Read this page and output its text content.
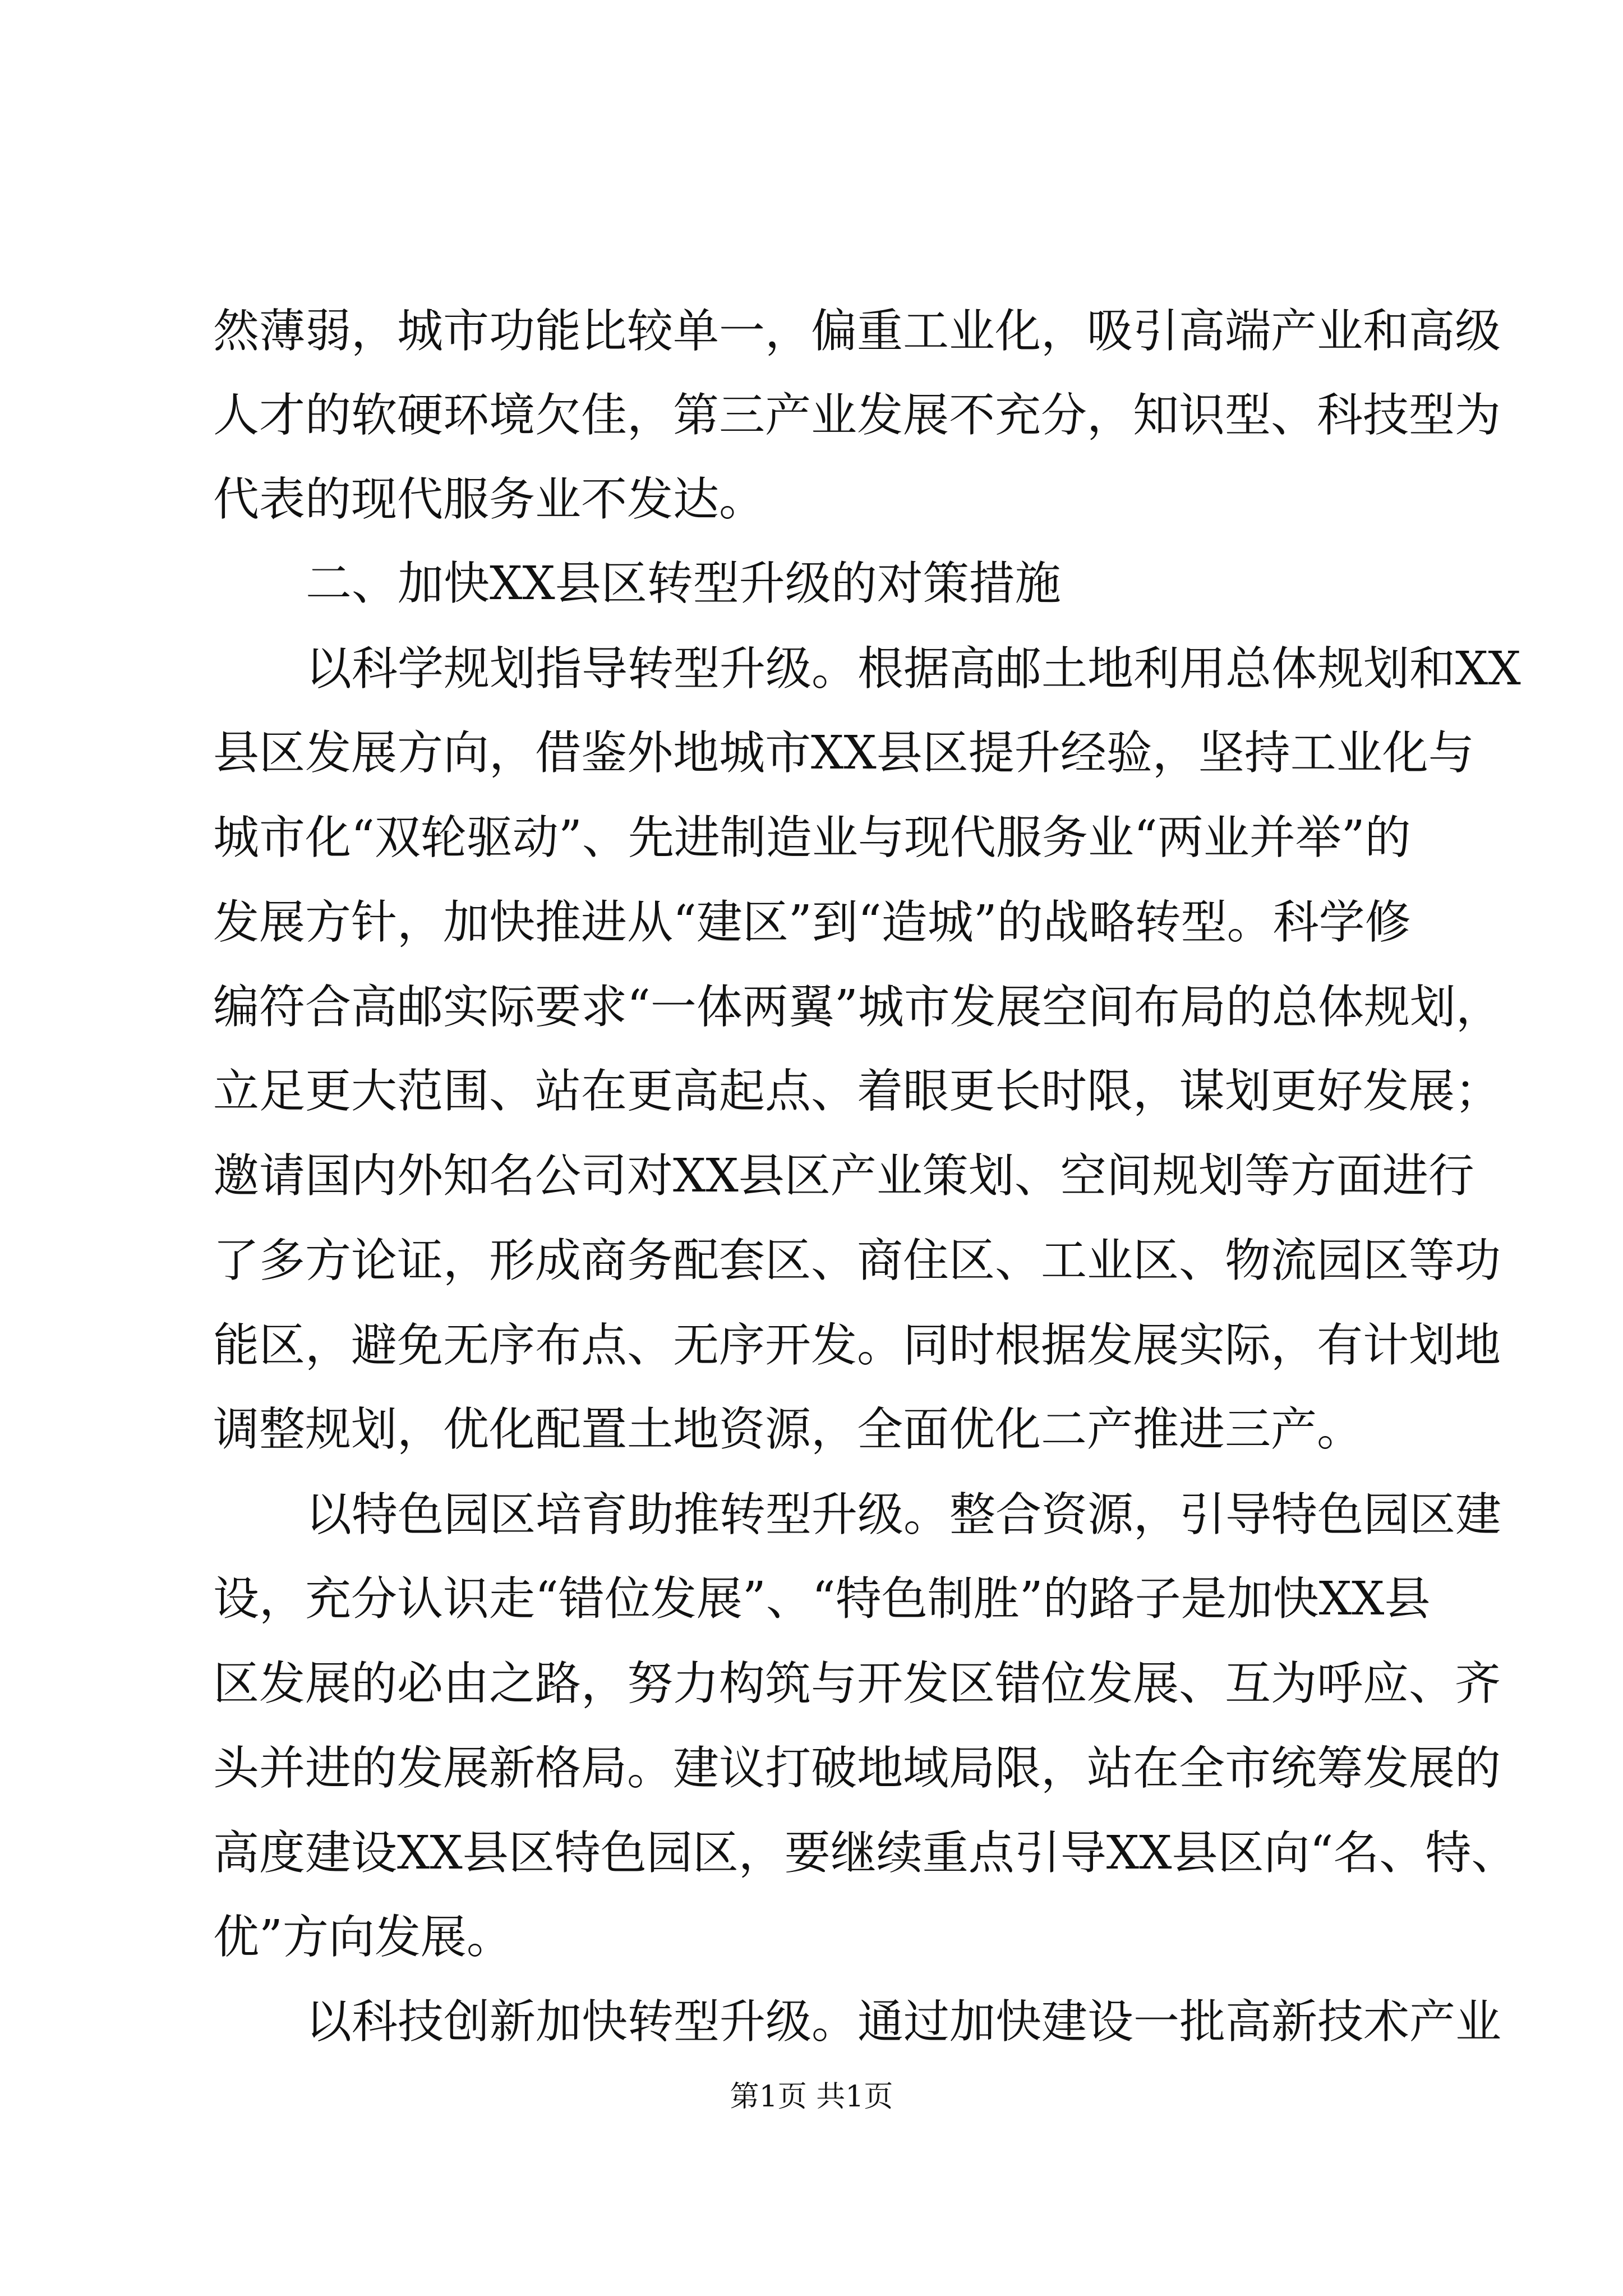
然薄弱，城市功能比较单一，偏重工业化，吸引高端产业和高级
人才的软硬环境欠佳，第三产业发展不充分，知识型、科技型为
代表的现代服务业不发达。
二、加快XX县区转型升级的对策措施
以科学规划指导转型升级。根据高邮土地利用总体规划和XX
县区发展方向，借鉴外地城市XX县区提升经验，坚持工业化与
城市化“双轮驱动”、先进制造业与现代服务业“两业并举”的
发展方针，加快推进从“建区”到“造城”的战略转型。科学修
编符合高邮实际要求“一体两翼”城市发展空间布局的总体规划，
立足更大范围、站在更高起点、着眼更长时限，谋划更好发展；
邀请国内外知名公司对XX县区产业策划、空间规划等方面进行
了多方论证，形成商务配套区、商住区、工业区、物流园区等功
能区，避免无序布点、无序开发。同时根据发展实际，有计划地
调整规划，优化配置土地资源，全面优化二产推进三产。
以特色园区培育助推转型升级。整合资源，引导特色园区建
设，充分认识走“错位发展”、“特色制胜”的路子是加快XX县
区发展的必由之路，努力构筑与开发区错位发展、互为呼应、齐
头并进的发展新格局。建议打破地域局限，站在全市统筹发展的
高度建设XX县区特色园区，要继续重点引导XX县区向“名、特、
优”方向发展。
以科技创新加快转型升级。通过加快建设一批高新技术产业
第1页 共1页
